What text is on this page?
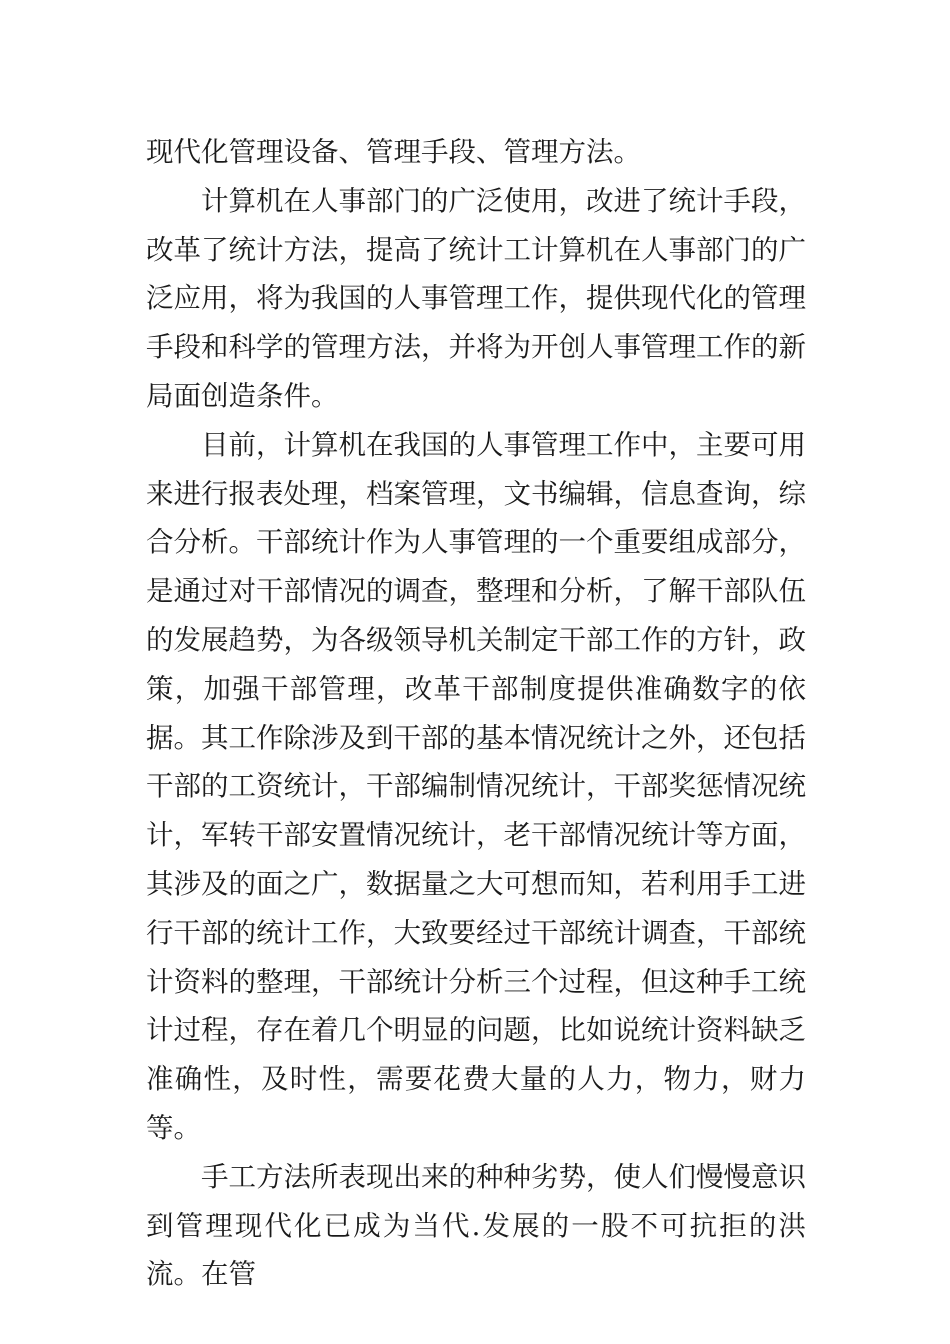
现代化管理设备、管理手段、管理方法。

计算机在人事部门的广泛使用，改进了统计手段，改革了统计方法，提高了统计工计算机在人事部门的广泛应用，将为我国的人事管理工作，提供现代化的管理手段和科学的管理方法，并将为开创人事管理工作的新局面创造条件。

目前，计算机在我国的人事管理工作中，主要可用来进行报表处理，档案管理，文书编辑，信息查询，综合分析。干部统计作为人事管理的一个重要组成部分，是通过对干部情况的调查，整理和分析，了解干部队伍的发展趋势，为各级领导机关制定干部工作的方针，政策，加强干部管理，改革干部制度提供准确数字的依据。其工作除涉及到干部的基本情况统计之外，还包括干部的工资统计，干部编制情况统计，干部奖惩情况统计，军转干部安置情况统计，老干部情况统计等方面，其涉及的面之广，数据量之大可想而知，若利用手工进行干部的统计工作，大致要经过干部统计调查，干部统计资料的整理，干部统计分析三个过程，但这种手工统计过程，存在着几个明显的问题，比如说统计资料缺乏准确性，及时性，需要花费大量的人力，物力，财力等。

手工方法所表现出来的种种劣势，使人们慢慢意识到管理现代化已成为当代.发展的一股不可抗拒的洪流。在管
